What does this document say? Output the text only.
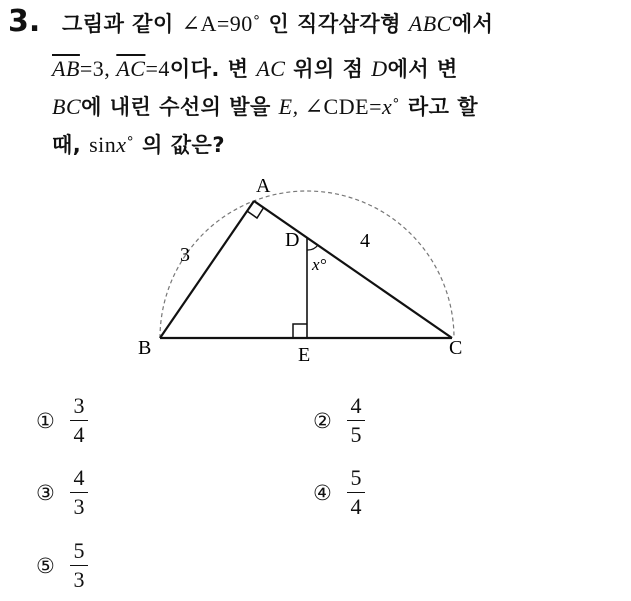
3. 그림과 같이 ∠A=90˚ 인 직각삼각형 ABC에서
$\overline{AB}=3$, $\overline{AC}=4$이다. 변 AC 위의 점 D에서 변
BC에 내린 수선의 발을 E, ∠CDE=x˚ 라고 할
때, sinx˚ 의 값은?
A
B	C
D
E
3
4
x°
① $\frac{3}{4}$	② $\frac{4}{5}$
③ $\frac{4}{3}$	④ $\frac{5}{4}$
⑤ $\frac{5}{3}$
